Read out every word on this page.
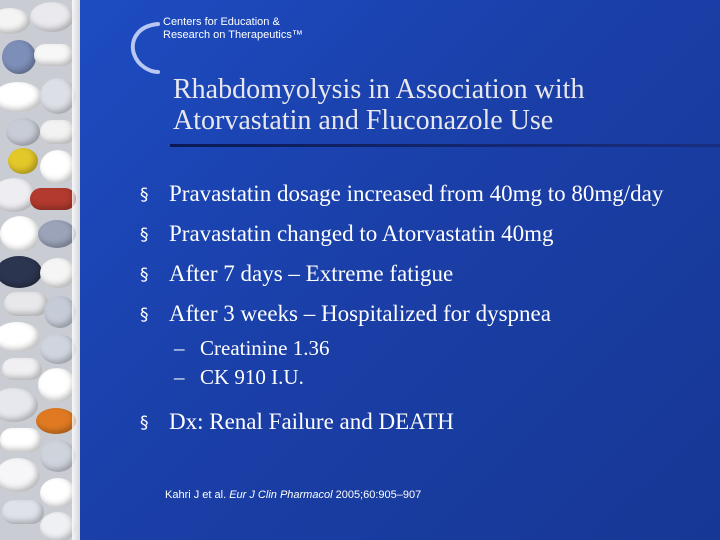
Centers for Education &
Research on Therapeutics™
Rhabdomyolysis in Association with
Atorvastatin and Fluconazole Use
§ Pravastatin dosage increased from 40mg to 80mg/day
§ Pravastatin changed to Atorvastatin 40mg
§ After 7 days – Extreme fatigue
§ After 3 weeks – Hospitalized for dyspnea
– Creatinine 1.36
– CK 910 I.U.
§ Dx: Renal Failure and DEATH
Kahri J et al. Eur J Clin Pharmacol 2005;60:905–907
